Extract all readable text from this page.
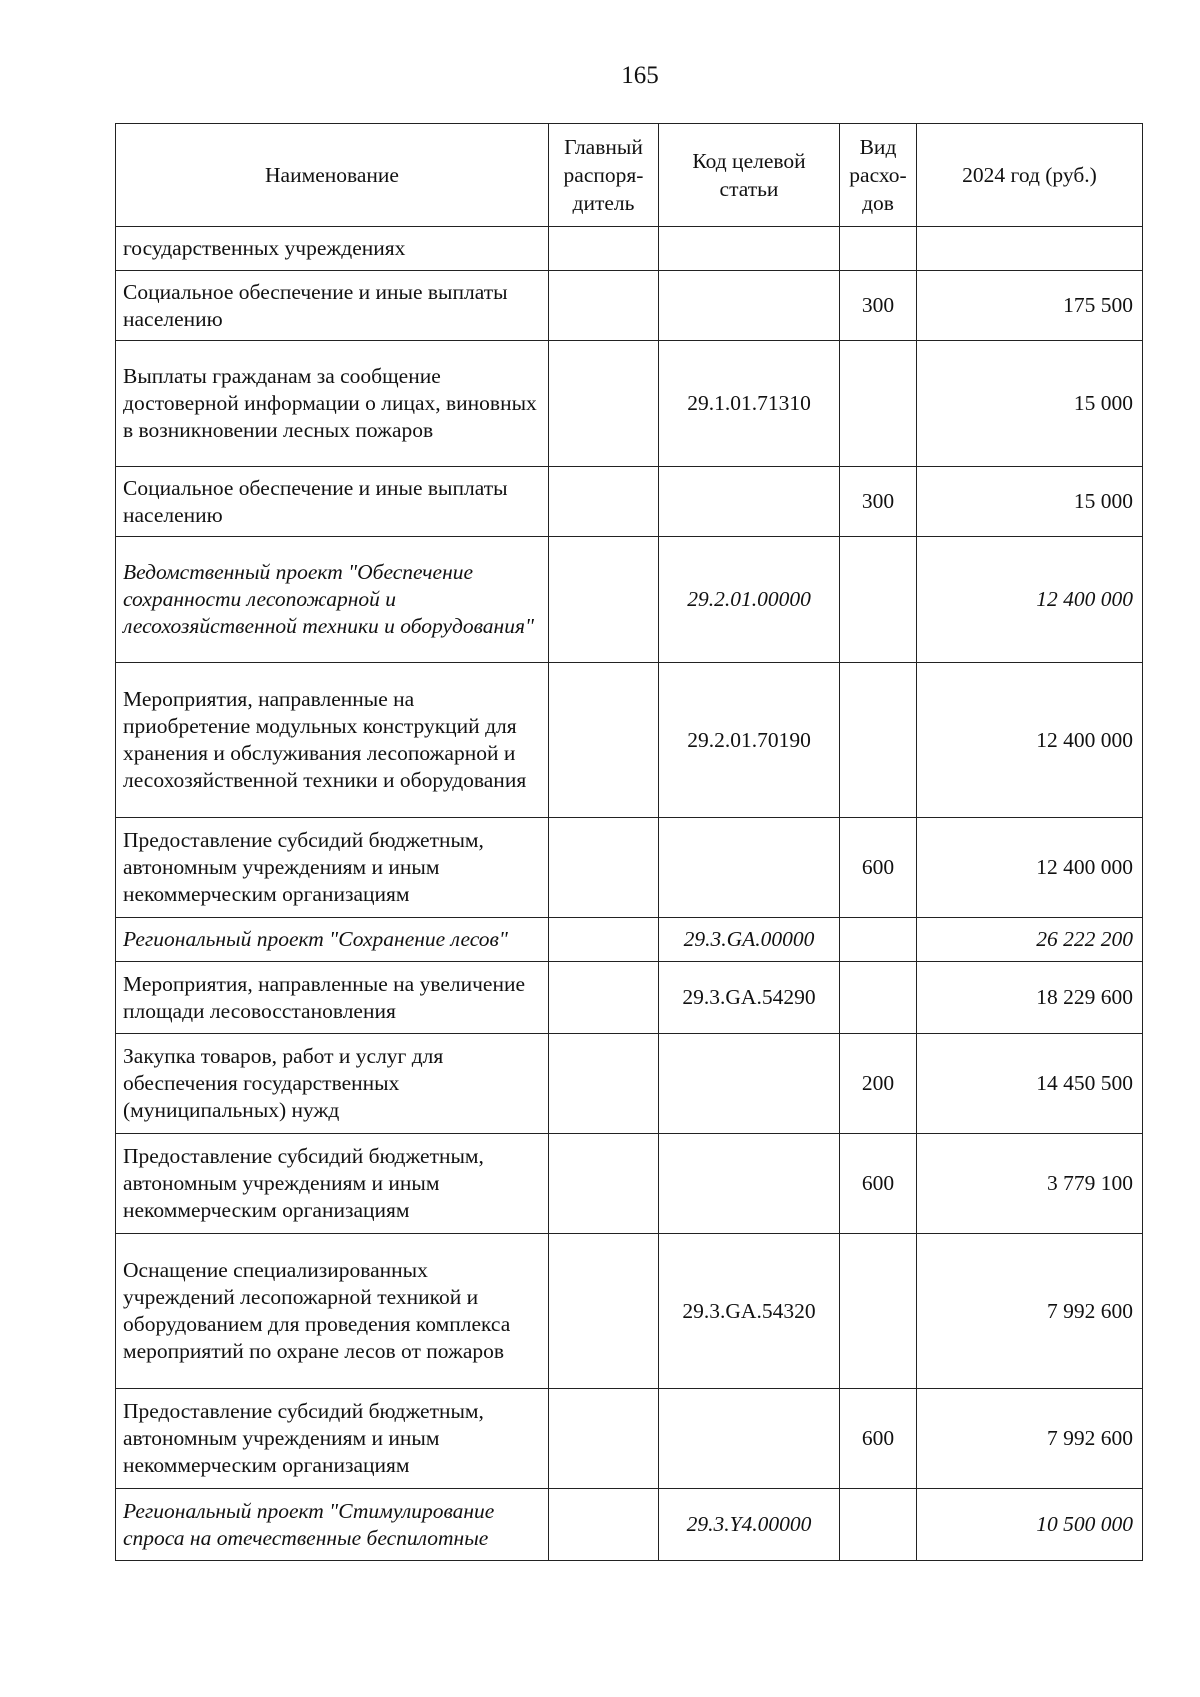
165
Наименование	Главный распоря-дитель	Код целевой статьи	Вид расхо-дов	2024 год (руб.)
государственных учреждениях				
Социальное обеспечение и иные выплаты населению			300	175 500
Выплаты гражданам за сообщение достоверной информации о лицах, виновных в возникновении лесных пожаров		29.1.01.71310		15 000
Социальное обеспечение и иные выплаты населению			300	15 000
Ведомственный проект "Обеспечение сохранности лесопожарной и лесохозяйственной техники и оборудования"		29.2.01.00000		12 400 000
Мероприятия, направленные на приобретение модульных конструкций для хранения и обслуживания лесопожарной и лесохозяйственной техники и оборудования		29.2.01.70190		12 400 000
Предоставление субсидий бюджетным, автономным учреждениям и иным некоммерческим организациям			600	12 400 000
Региональный проект "Сохранение лесов"		29.3.GA.00000		26 222 200
Мероприятия, направленные на увеличение площади лесовосстановления		29.3.GA.54290		18 229 600
Закупка товаров, работ и услуг для обеспечения государственных (муниципальных) нужд			200	14 450 500
Предоставление субсидий бюджетным, автономным учреждениям и иным некоммерческим организациям			600	3 779 100
Оснащение специализированных учреждений лесопожарной техникой и оборудованием для проведения комплекса мероприятий по охране лесов от пожаров		29.3.GA.54320		7 992 600
Предоставление субсидий бюджетным, автономным учреждениям и иным некоммерческим организациям			600	7 992 600
Региональный проект "Стимулирование спроса на отечественные беспилотные		29.3.Y4.00000		10 500 000
